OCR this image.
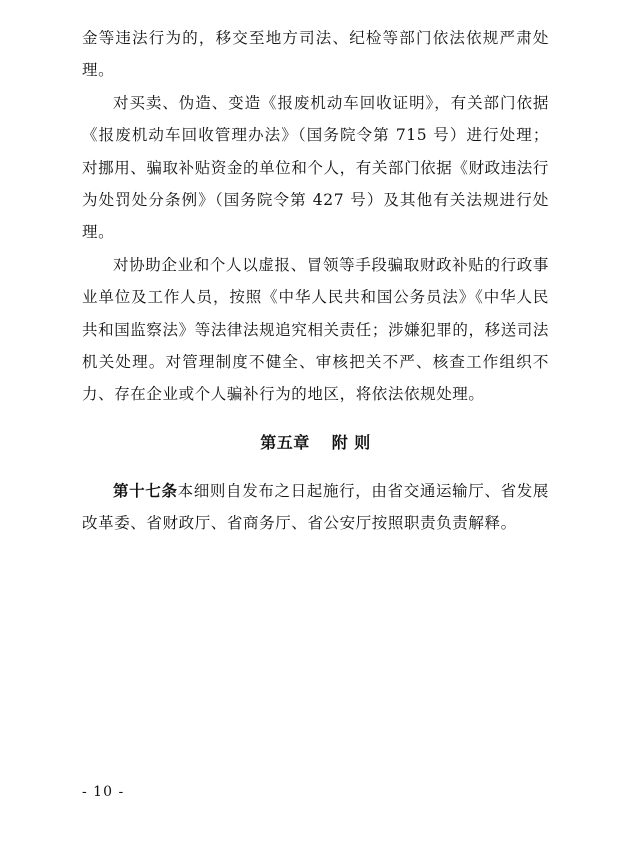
金等违法行为的，移交至地方司法、纪检等部门依法依规严肃处理。

对买卖、伪造、变造《报废机动车回收证明》，有关部门依据《报废机动车回收管理办法》（国务院令第 715 号）进行处理；对挪用、骗取补贴资金的单位和个人，有关部门依据《财政违法行为处罚处分条例》（国务院令第 427 号）及其他有关法规进行处理。

对协助企业和个人以虚报、冒领等手段骗取财政补贴的行政事业单位及工作人员，按照《中华人民共和国公务员法》《中华人民共和国监察法》等法律法规追究相关责任；涉嫌犯罪的，移送司法机关处理。对管理制度不健全、审核把关不严、核查工作组织不力、存在企业或个人骗补行为的地区，将依法依规处理。

第五章 附 则

第十七条本细则自发布之日起施行，由省交通运输厅、省发展改革委、省财政厅、省商务厅、省公安厅按照职责负责解释。

- 10 -
